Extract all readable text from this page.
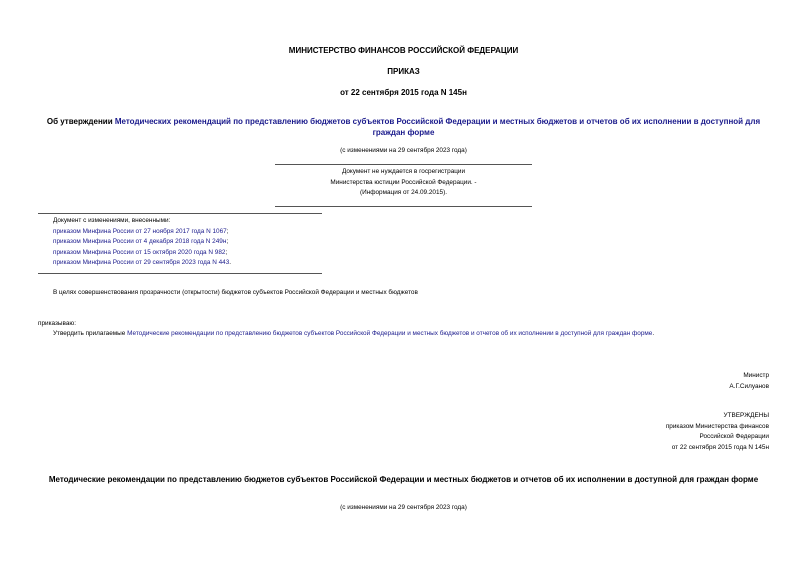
МИНИСТЕРСТВО ФИНАНСОВ РОССИЙСКОЙ ФЕДЕРАЦИИ
ПРИКАЗ
от 22 сентября 2015 года N 145н
Об утверждении Методических рекомендаций по представлению бюджетов субъектов Российской Федерации и местных бюджетов и отчетов об их исполнении в доступной для граждан форме
(с изменениями на 29 сентября 2023 года)
Документ не нуждается в госрегистрации
Министерства юстиции Российской Федерации. -
(Информация от 24.09.2015).
Документ с изменениями, внесенными:
приказом Минфина России от 27 ноября 2017 года N 1067;
приказом Минфина России от 4 декабря 2018 года N 249н;
приказом Минфина России от 15 октября 2020 года N 982;
приказом Минфина России от 29 сентября 2023 года N 443.
В целях совершенствования прозрачности (открытости) бюджетов субъектов Российской Федерации и местных бюджетов
приказываю:
Утвердить прилагаемые Методические рекомендации по представлению бюджетов субъектов Российской Федерации и местных бюджетов и отчетов об их исполнении в доступной для граждан форме.
Министр
А.Г.Силуанов
УТВЕРЖДЕНЫ
приказом Министерства финансов
Российской Федерации
от 22 сентября 2015 года N 145н
Методические рекомендации по представлению бюджетов субъектов Российской Федерации и местных бюджетов и отчетов об их исполнении в доступной для граждан форме
(с изменениями на 29 сентября 2023 года)
